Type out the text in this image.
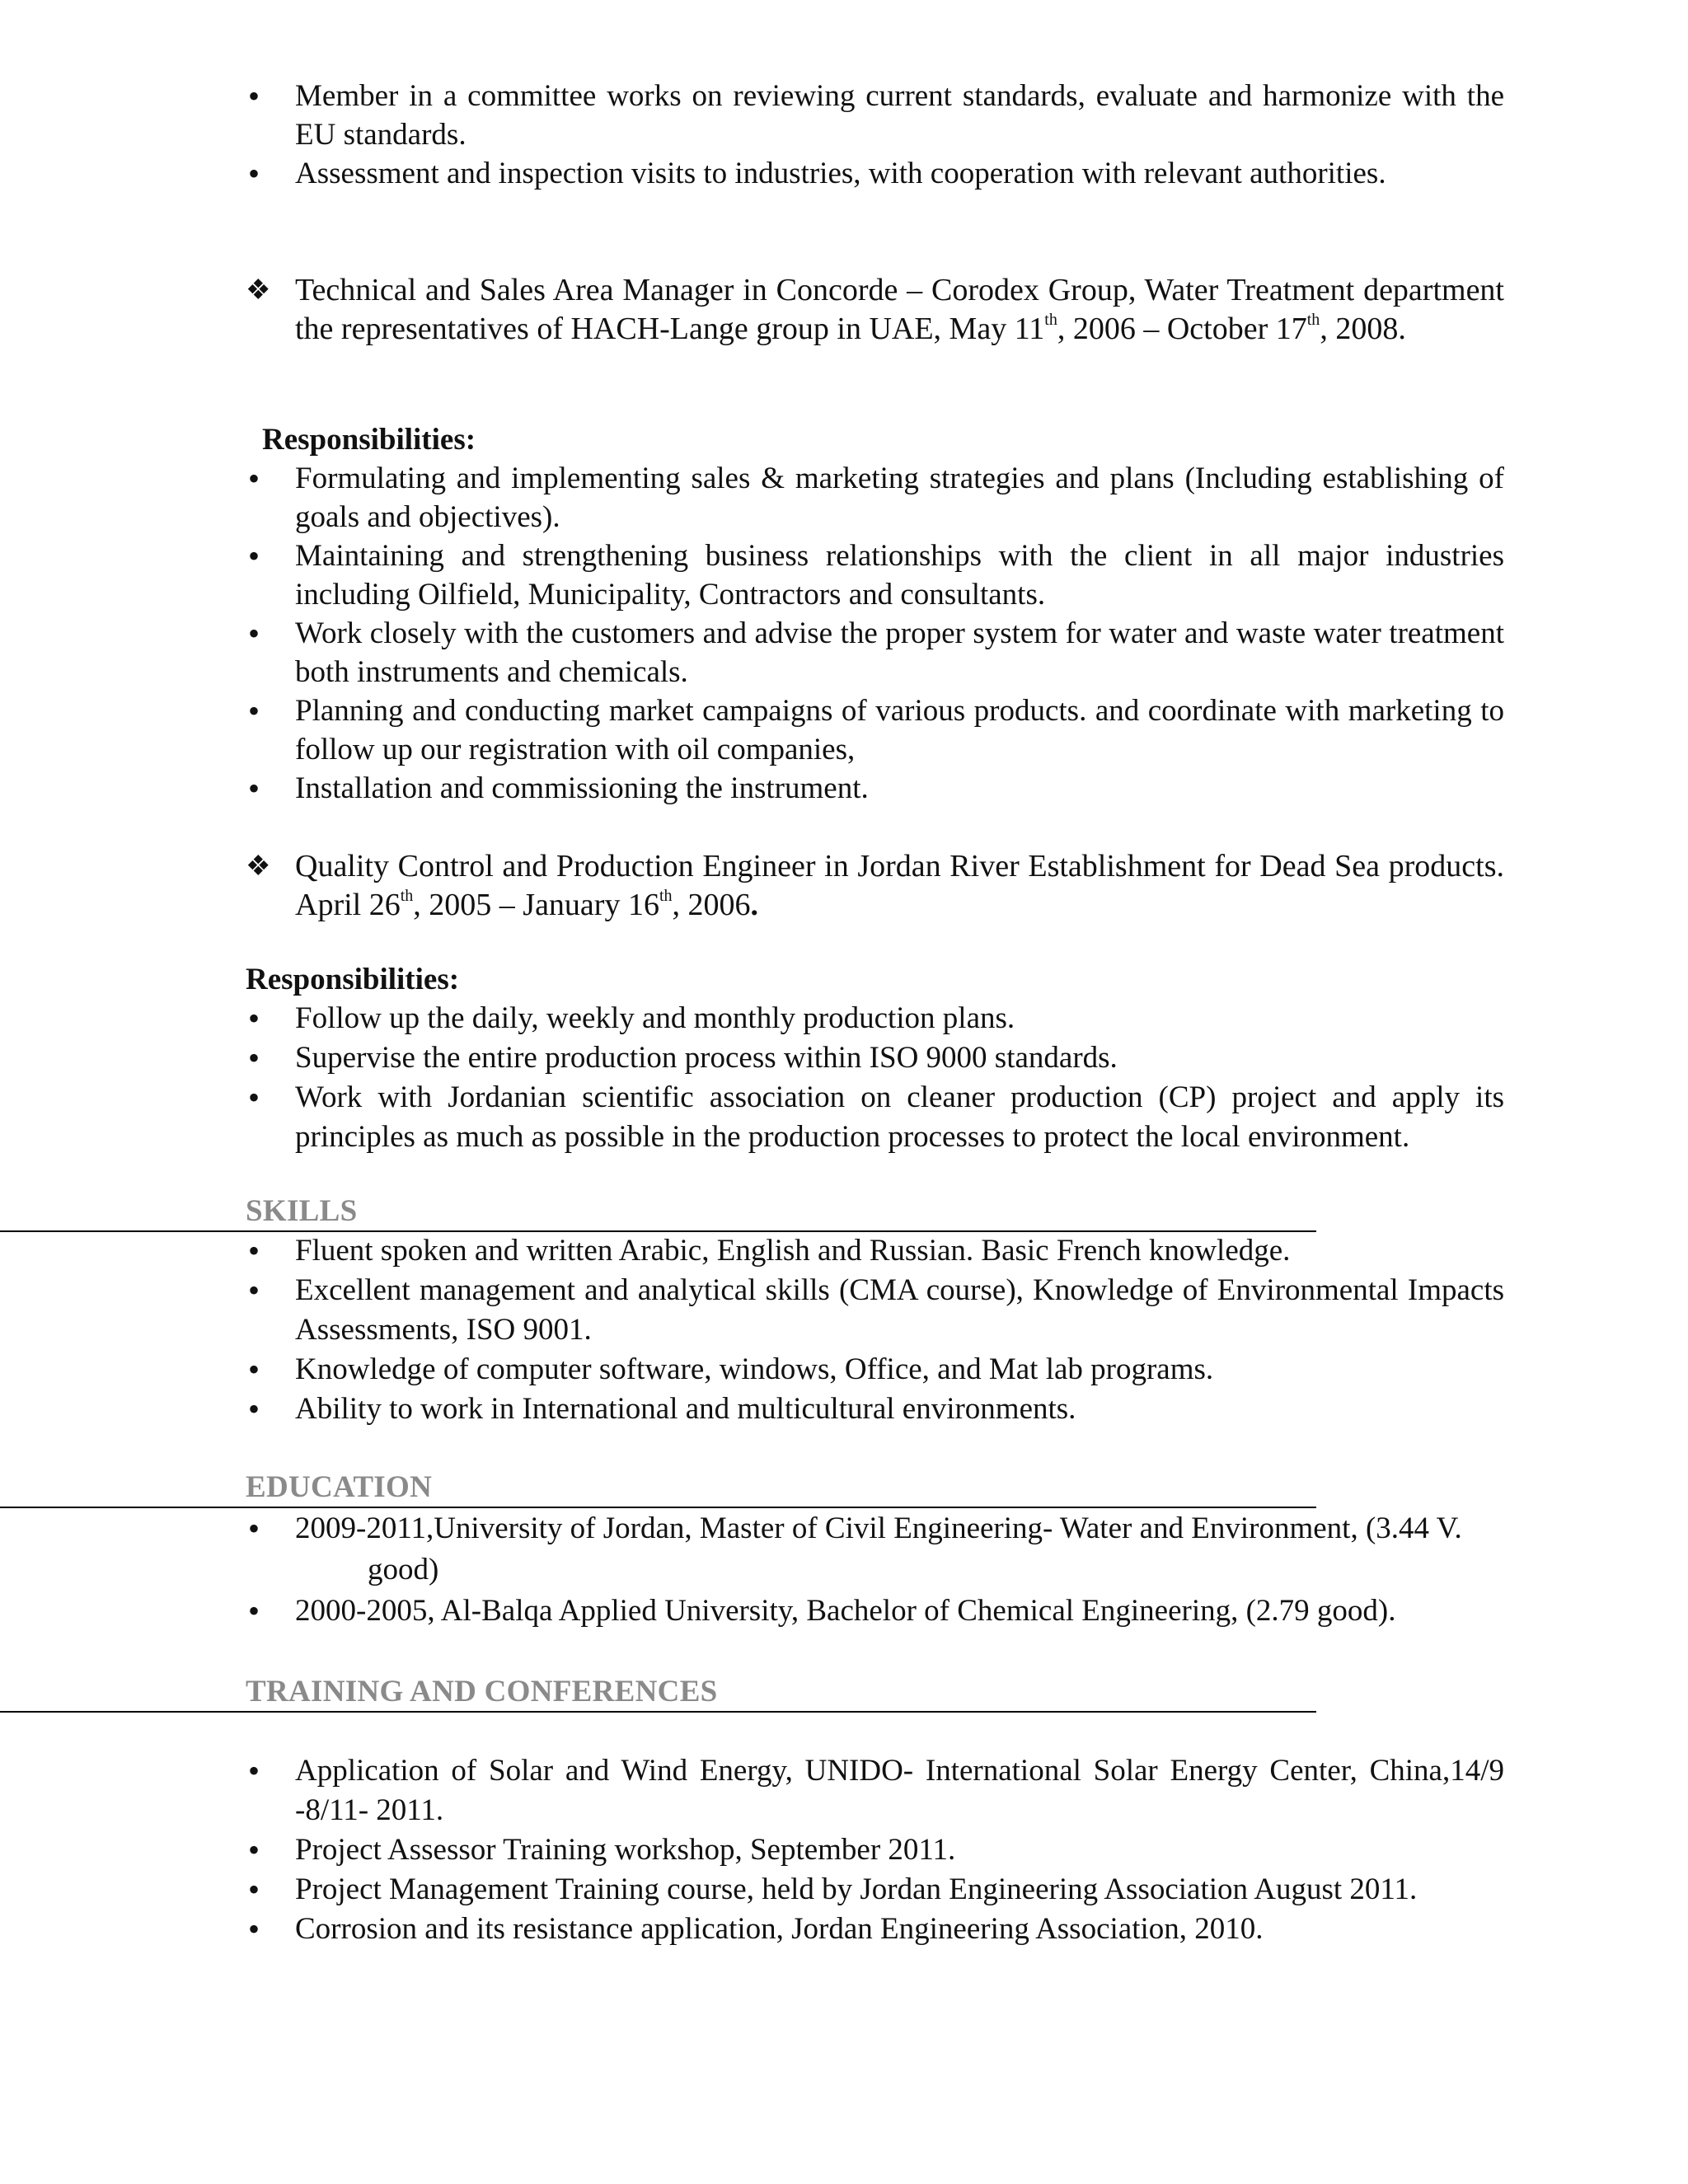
•
Member in a committee works on reviewing current standards, evaluate and harmonize with the EU standards.
•
Assessment and inspection visits to industries, with cooperation with relevant authorities.
❖ Technical and Sales Area Manager in Concorde – Corodex Group, Water Treatment department the representatives of HACH-Lange group in UAE, May 11th, 2006 – October 17th, 2008.
Responsibilities:
•
Formulating and implementing sales & marketing strategies and plans (Including establishing of goals and objectives).
•
Maintaining and strengthening business relationships with the client in all major industries including Oilfield, Municipality, Contractors and consultants.
•
Work closely with the customers and advise the proper system for water and waste water treatment both instruments and chemicals.
•
Planning and conducting market campaigns of various products. and coordinate with marketing to follow up our registration with oil companies,
•
Installation and commissioning the instrument.
❖ Quality Control and Production Engineer in Jordan River Establishment for Dead Sea products. April 26th, 2005 – January 16th, 2006.
Responsibilities:
•
Follow up the daily, weekly and monthly production plans.
•
Supervise the entire production process within ISO 9000 standards.
•
Work with Jordanian scientific association on cleaner production (CP) project and apply its principles as much as possible in the production processes to protect the local environment.
SKILLS
•
Fluent spoken and written Arabic, English and Russian. Basic French knowledge.
•
Excellent management and analytical skills (CMA course), Knowledge of Environmental Impacts Assessments, ISO 9001.
•
Knowledge of computer software, windows, Office, and Mat lab programs.
•
Ability to work in International and multicultural environments.
EDUCATION
•
2009-2011,University of Jordan, Master of Civil Engineering- Water and Environment, (3.44 V.
good)
•
2000-2005, Al-Balqa Applied University, Bachelor of Chemical Engineering, (2.79 good).
TRAINING AND CONFERENCES
•
Application of Solar and Wind Energy, UNIDO- International Solar Energy Center, China,14/9 -8/11- 2011.
•
Project Assessor Training workshop, September 2011.
•
Project Management Training course, held by Jordan Engineering Association August 2011.
•
Corrosion and its resistance application, Jordan Engineering Association, 2010.
